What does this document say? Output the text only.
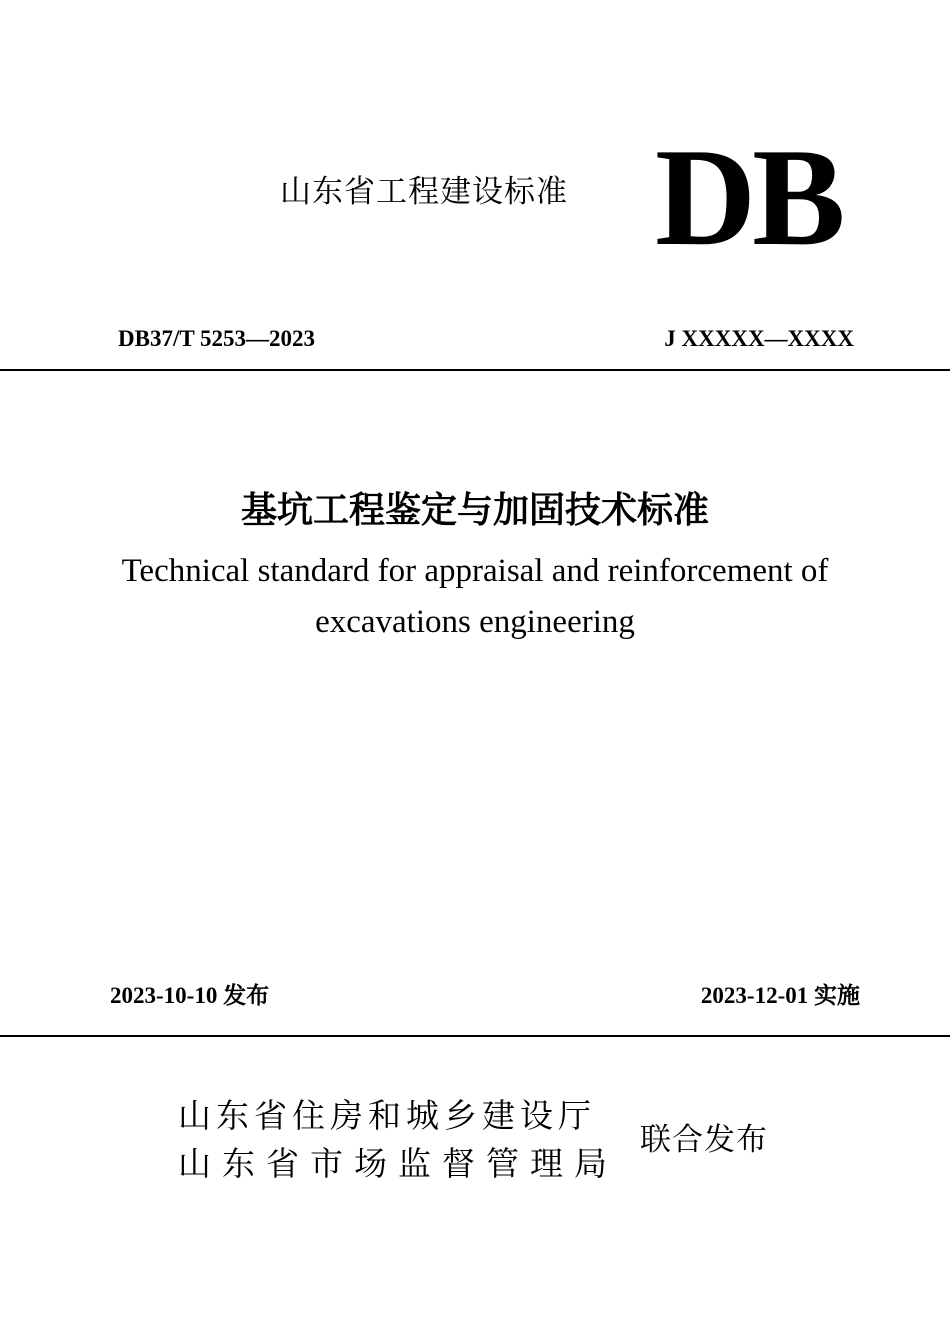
山东省工程建设标准 DB
DB37/T 5253—2023	J XXXXX—XXXX
基坑工程鉴定与加固技术标准
Technical standard for appraisal and reinforcement of
excavations engineering
2023-10-10 发布	2023-12-01 实施
山东省住房和城乡建设厅
山东省市场监督管理局
联合发布
